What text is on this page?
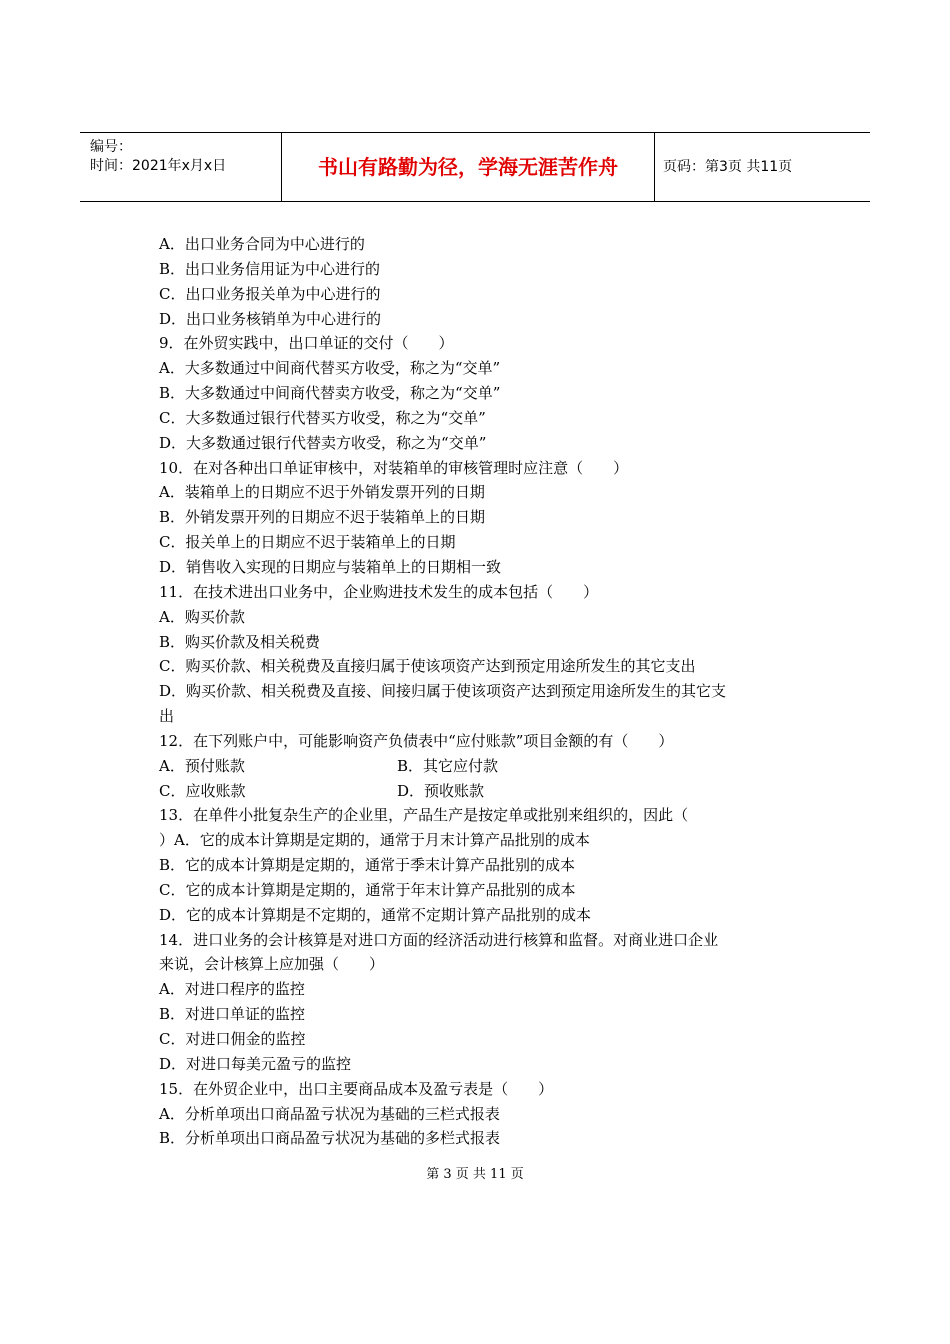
编号：
时间：2021年x月x日	书山有路勤为径，学海无涯苦作舟	页码：第3页 共11页
A．出口业务合同为中心进行的
B．出口业务信用证为中心进行的
C．出口业务报关单为中心进行的
D．出口业务核销单为中心进行的
9．在外贸实践中，出口单证的交付（　　）
A．大多数通过中间商代替买方收受，称之为“交单”
B．大多数通过中间商代替卖方收受，称之为“交单”
C．大多数通过银行代替买方收受，称之为“交单”
D．大多数通过银行代替卖方收受，称之为“交单”
10．在对各种出口单证审核中，对装箱单的审核管理时应注意（　　）
A．装箱单上的日期应不迟于外销发票开列的日期
B．外销发票开列的日期应不迟于装箱单上的日期
C．报关单上的日期应不迟于装箱单上的日期
D．销售收入实现的日期应与装箱单上的日期相一致
11．在技术进出口业务中，企业购进技术发生的成本包括（　　）
A．购买价款
B．购买价款及相关税费
C．购买价款、相关税费及直接归属于使该项资产达到预定用途所发生的其它支出
D．购买价款、相关税费及直接、间接归属于使该项资产达到预定用途所发生的其它支
出
12．在下列账户中，可能影响资产负债表中“应付账款”项目金额的有（　　）
A．预付账款	B．其它应付款
C．应收账款	D．预收账款
13．在单件小批复杂生产的企业里，产品生产是按定单或批别来组织的，因此（
）A．它的成本计算期是定期的，通常于月末计算产品批别的成本
B．它的成本计算期是定期的，通常于季末计算产品批别的成本
C．它的成本计算期是定期的，通常于年末计算产品批别的成本
D．它的成本计算期是不定期的，通常不定期计算产品批别的成本
14．进口业务的会计核算是对进口方面的经济活动进行核算和监督。对商业进口企业
来说，会计核算上应加强（　　）
A．对进口程序的监控
B．对进口单证的监控
C．对进口佣金的监控
D．对进口每美元盈亏的监控
15．在外贸企业中，出口主要商品成本及盈亏表是（　　）
A．分析单项出口商品盈亏状况为基础的三栏式报表
B．分析单项出口商品盈亏状况为基础的多栏式报表
第 3 页 共 11 页
